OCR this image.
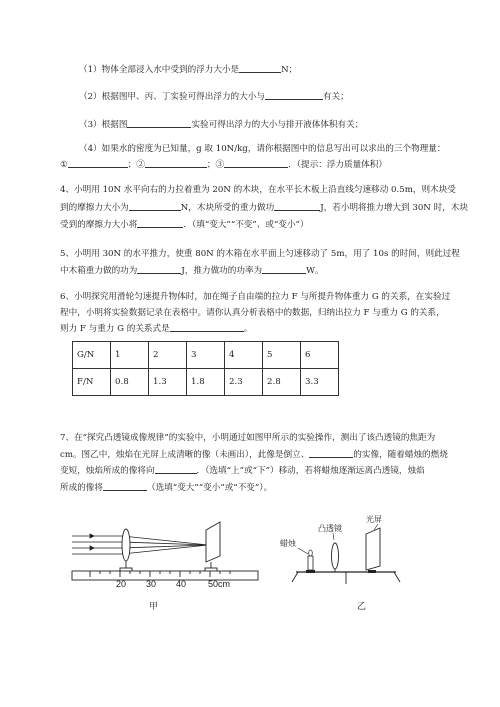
（1）物体全部浸入水中受到的浮力大小是	N；
（2）根据图甲、丙、丁实验可得出浮力的大小与	有关；
（3）根据图	实验可得出浮力的大小与排开液体体积有关；
（4）如果水的密度为已知量，g 取 10N/kg，请你根据图中的信息写出可以求出的三个物理量：
①	；②	；③	．（提示：浮力质量体积）
4、小明用 10N 水平向右的力拉着重为 20N 的木块，在水平长木板上沿直线匀速移动 0.5m，则木块受
到的摩擦力大小为	N，木块所受的重力做功	J，若小明将推力增大到 30N 时，木块
受到的摩擦力大小将	．（填“变大”“不变”、或“变小”）
5、小明用 30N 的水平推力，使重 80N 的木箱在水平面上匀速移动了 5m，用了 10s 的时间，则此过程
中木箱重力做的功为	J，推力做功的功率为	W。
6、小明探究用滑轮匀速提升物体时，加在绳子自由端的拉力 F 与所提升物体重力 G 的关系，在实验过
程中，小明将实验数据记录在表格中。请你认真分析表格中的数据，归纳出拉力 F 与重力 G 的关系，
则力 F 与重力 G 的关系式是	。
G/N	1	2	3	4	5	6
F/N	0.8	1.3	1.8	2.3	2.8	3.3
7、在“探究凸透镜成像规律”的实验中，小明通过如图甲所示的实验操作，测出了该凸透镜的焦距为
cm。图乙中，烛焰在光屏上成清晰的像（未画出），此像是倒立、	的实像，随着蜡烛的燃烧
变短，烛焰所成的像将向	．（选填“上”或“下”）移动，若将蜡烛逐渐远离凸透镜，烛焰
所成的像将	（选填“变大”“变小”或“不变”）。
20 30 40 50cm
甲
蜡烛
凸透镜
光屏
乙
